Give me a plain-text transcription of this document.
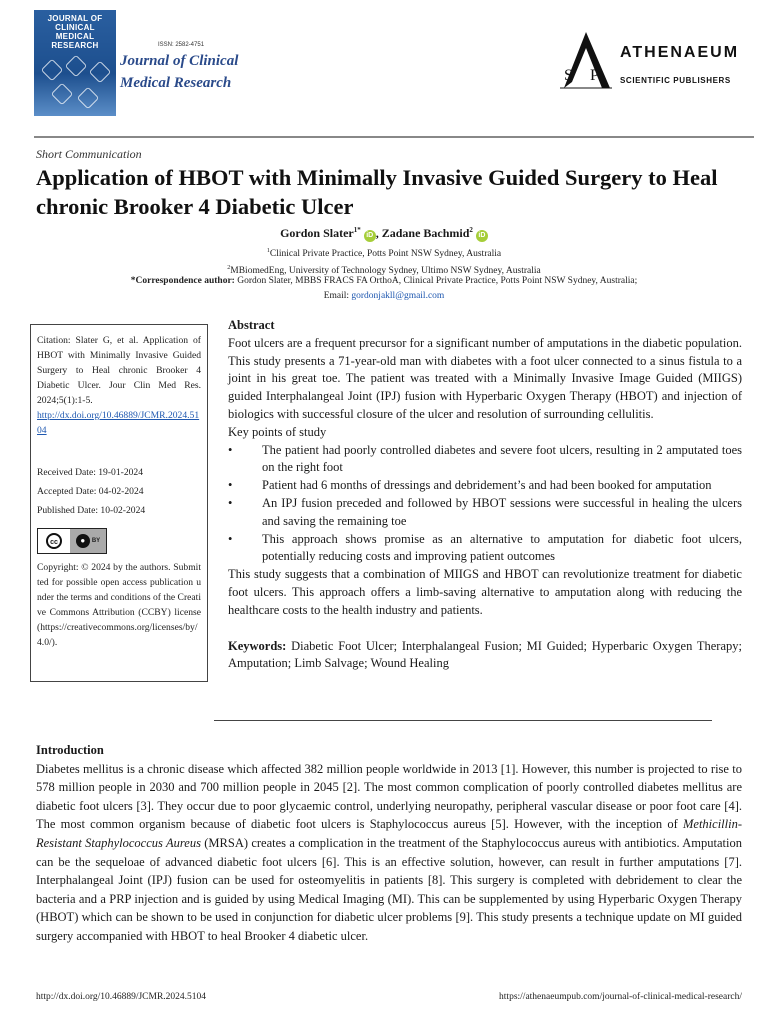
JOURNAL OF CLINICAL MEDICAL RESEARCH	ISSN: 2582-4751
Journal of Clinical
Medical Research	S P
ATHENAEUM
SCIENTIFIC PUBLISHERS
Short Communication
Application of HBOT with Minimally Invasive Guided Surgery to Heal chronic Brooker 4 Diabetic Ulcer
Gordon Slater$^{1*}$ iD , Zadane Bachmid$^2$ iD
$^1$Clinical Private Practice, Potts Point NSW Sydney, Australia
$^2$MBiomedEng, University of Technology Sydney, Ultimo NSW Sydney, Australia
*Correspondence author: Gordon Slater, MBBS FRACS FA OrthoA, Clinical Private Practice, Potts Point NSW Sydney, Australia;
Email: gordonjakll@gmail.com
Citation: Slater G, et al. Application of HBOT with Minimally Invasive Guided Surgery to Heal chronic Brooker 4 Diabetic Ulcer. Jour Clin Med Res. 2024;5(1):1-5.
http://dx.doi.org/10.46889/JCMR.2024.5104
Received Date: 19-01-2024
Accepted Date: 04-02-2024
Published Date: 10-02-2024
cc	●	BY
Copyright: © 2024 by the authors. Submitted for possible open access publication under the terms and conditions of the Creative Commons Attribution (CCBY) license (https://creativecommons.org/licenses/by/4.0/).
Abstract

Foot ulcers are a frequent precursor for a significant number of amputations in the diabetic population. This study presents a 71-year-old man with diabetes with a foot ulcer connected to a sinus fistula to a joint in his great toe. The patient was treated with a Minimally Invasive Image Guided (MIIGS) guided Interphalangeal Joint (IPJ) fusion with Hyperbaric Oxygen Therapy (HBOT) and injection of biologics with successful closure of the ulcer and resolution of surrounding cellulitis.

Key points of study

•	The patient had poorly controlled diabetes and severe foot ulcers, resulting in 2 amputated toes on the right foot
•	Patient had 6 months of dressings and debridement’s and had been booked for amputation
•	An IPJ fusion preceded and followed by HBOT sessions were successful in healing the ulcers and saving the remaining toe
•	This approach shows promise as an alternative to amputation for diabetic foot ulcers, potentially reducing costs and improving patient outcomes

This study suggests that a combination of MIIGS and HBOT can revolutionize treatment for diabetic foot ulcers. This approach offers a limb-saving alternative to amputation along with reducing the healthcare costs to the health industry and patients.

Keywords: Diabetic Foot Ulcer; Interphalangeal Fusion; MI Guided; Hyperbaric Oxygen Therapy; Amputation; Limb Salvage; Wound Healing

Introduction

Diabetes mellitus is a chronic disease which affected 382 million people worldwide in 2013 [1]. However, this number is projected to rise to 578 million people in 2030 and 700 million people in 2045 [2]. The most common complication of poorly controlled diabetes mellitus are diabetic foot ulcers [3]. They occur due to poor glycaemic control, underlying neuropathy, peripheral vascular disease or poor foot care [4]. The most common organism because of diabetic foot ulcers is Staphylococcus aureus [5]. However, with the inception of Methicillin-Resistant Staphylococcus Aureus (MRSA) creates a complication in the treatment of the Staphylococcus aureus with antibiotics. Amputation can be the sequeloae of advanced diabetic foot ulcers [6]. This is an effective solution, however, can result in further amputations [7]. Interphalangeal Joint (IPJ) fusion can be used for osteomyelitis in patients [8]. This surgery is completed with debridement to clear the bacteria and a PRP injection and is guided by using Medical Imaging (MI). This can be supplemented by using Hyperbaric Oxygen Therapy (HBOT) which can be shown to be used in conjunction for diabetic ulcer problems [9]. This study presents a technique update on MI guided surgery accompanied with HBOT to heal Brooker 4 diabetic ulcer.

http://dx.doi.org/10.46889/JCMR.2024.5104	https://athenaeumpub.com/journal-of-clinical-medical-research/
